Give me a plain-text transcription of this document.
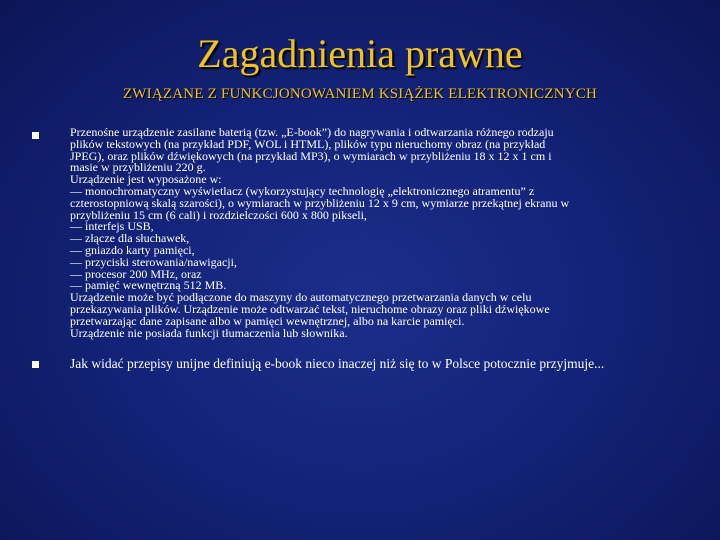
Zagadnienia prawne
ZWIĄZANE Z FUNKCJONOWANIEM KSIĄŻEK ELEKTRONICZNYCH
Przenośne urządzenie zasilane baterią (tzw. „E-book”) do nagrywania i odtwarzania różnego rodzaju
plików tekstowych (na przykład PDF, WOL i HTML), plików typu nieruchomy obraz (na przykład
JPEG), oraz plików dźwiękowych (na przykład MP3), o wymiarach w przybliżeniu 18 x 12 x 1 cm i
masie w przybliżeniu 220 g.
Urządzenie jest wyposażone w:
— monochromatyczny wyświetlacz (wykorzystujący technologię „elektronicznego atramentu” z
czterostopniową skalą szarości), o wymiarach w przybliżeniu 12 x 9 cm, wymiarze przekątnej ekranu w
przybliżeniu 15 cm (6 cali) i rozdzielczości 600 x 800 pikseli,
— interfejs USB,
— złącze dla słuchawek,
— gniazdo karty pamięci,
— przyciski sterowania/nawigacji,
— procesor 200 MHz, oraz
— pamięć wewnętrzną 512 MB.
Urządzenie może być podłączone do maszyny do automatycznego przetwarzania danych w celu
przekazywania plików. Urządzenie może odtwarzać tekst, nieruchome obrazy oraz pliki dźwiękowe
przetwarzając dane zapisane albo w pamięci wewnętrznej, albo na karcie pamięci.
Urządzenie nie posiada funkcji tłumaczenia lub słownika.
Jak widać przepisy unijne definiują e-book nieco inaczej niż się to w Polsce potocznie przyjmuje...
